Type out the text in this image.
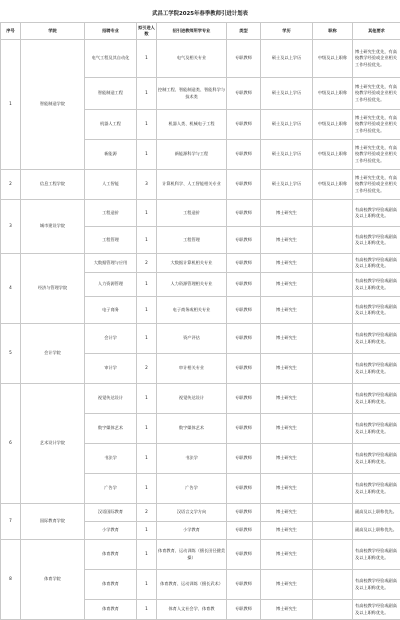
武昌工学院2025年春季教师引进计划表
序号	学院	招聘专业	拟引进人数	招引进教师所学专业	类型	学历	职称	其他要求
1	智能制造学院	电气工程及其自动化	1	电气及相关专业	专职教师	硕士及以上学历	中级及以上职称	博士研究生优先，有高校教学经验或企业相关工作经验优先。
		智能制造工程	1	控制工程、智能制造类、智能科学与技术类	专职教师	硕士及以上学历	中级及以上职称	博士研究生优先，有高校教学经验或企业相关工作经验优先。
		机器人工程	1	机器人类、机械电子工程	专职教师	硕士及以上学历	中级及以上职称	博士研究生优先，有高校教学经验或企业相关工作经验优先。
		新能源	1	新能源科学与工程	专职教师	硕士及以上学历	中级及以上职称	博士研究生优先，有高校教学经验或企业相关工作经验优先。
2	信息工程学院	人工智能	3	计算机科学、人工智能相关专业	专职教师	硕士及以上学历	中级及以上职称	博士研究生优先，有高校教学经验或企业相关工作经验优先。
3	城市建设学院	工程造价	1	工程造价	专职教师	博士研究生		有高校教学经验或副高及以上职称优先。
		工程管理	1	工程管理	专职教师	博士研究生		有高校教学经验或副高及以上职称优先。
4	经济与管理学院	大数据管理与应用	2	大数据计算机相关专业	专职教师	博士研究生		有高校教学经验或副高及以上职称优先。
		人力资源管理	1	人力资源管理相关专业	专职教师	博士研究生		有高校教学经验或副高及以上职称优先。
		电子商务	1	电子商务或相关专业	专职教师	博士研究生		有高校教学经验或副高及以上职称优先。
5	会计学院	会计学	1	资产评估	专职教师	博士研究生		有高校教学经验或副高及以上职称优先。
		审计学	2	审计相关专业	专职教师	博士研究生		有高校教学经验或副高及以上职称优先。
6	艺术设计学院	视觉传达设计	1	视觉传达设计	专职教师	博士研究生		有高校教学经验或副高及以上职称优先。
		数字媒体艺术	1	数字媒体艺术	专职教师	博士研究生		有高校教学经验或副高及以上职称优先。
		书法学	1	书法学	专职教师	博士研究生		有高校教学经验或副高及以上职称优先。
		广告学	1	广告学	专职教师	博士研究生		有高校教学经验或副高及以上职称优先。
7	国际教育学院	汉语国际教育	2	汉语言文学方向	专职教师	博士研究生		副高及以上职称优先。
		小学教育	1	小学教育	专职教师	博士研究生		副高及以上职称优先。
8	体育学院	体育教育	1	体育教育、运动训练（擅长田径健美操）	专职教师	博士研究生		有高校教学经验或副高及以上职称优先。
		体育教育	1	体育教育、运动训练（擅长武术）	专职教师	博士研究生		有高校教学经验或副高及以上职称优先。
		体育教育	1	体育人文社会学、体育教	专职教师	博士研究生		有高校教学经验或副高及以上职称优先。
